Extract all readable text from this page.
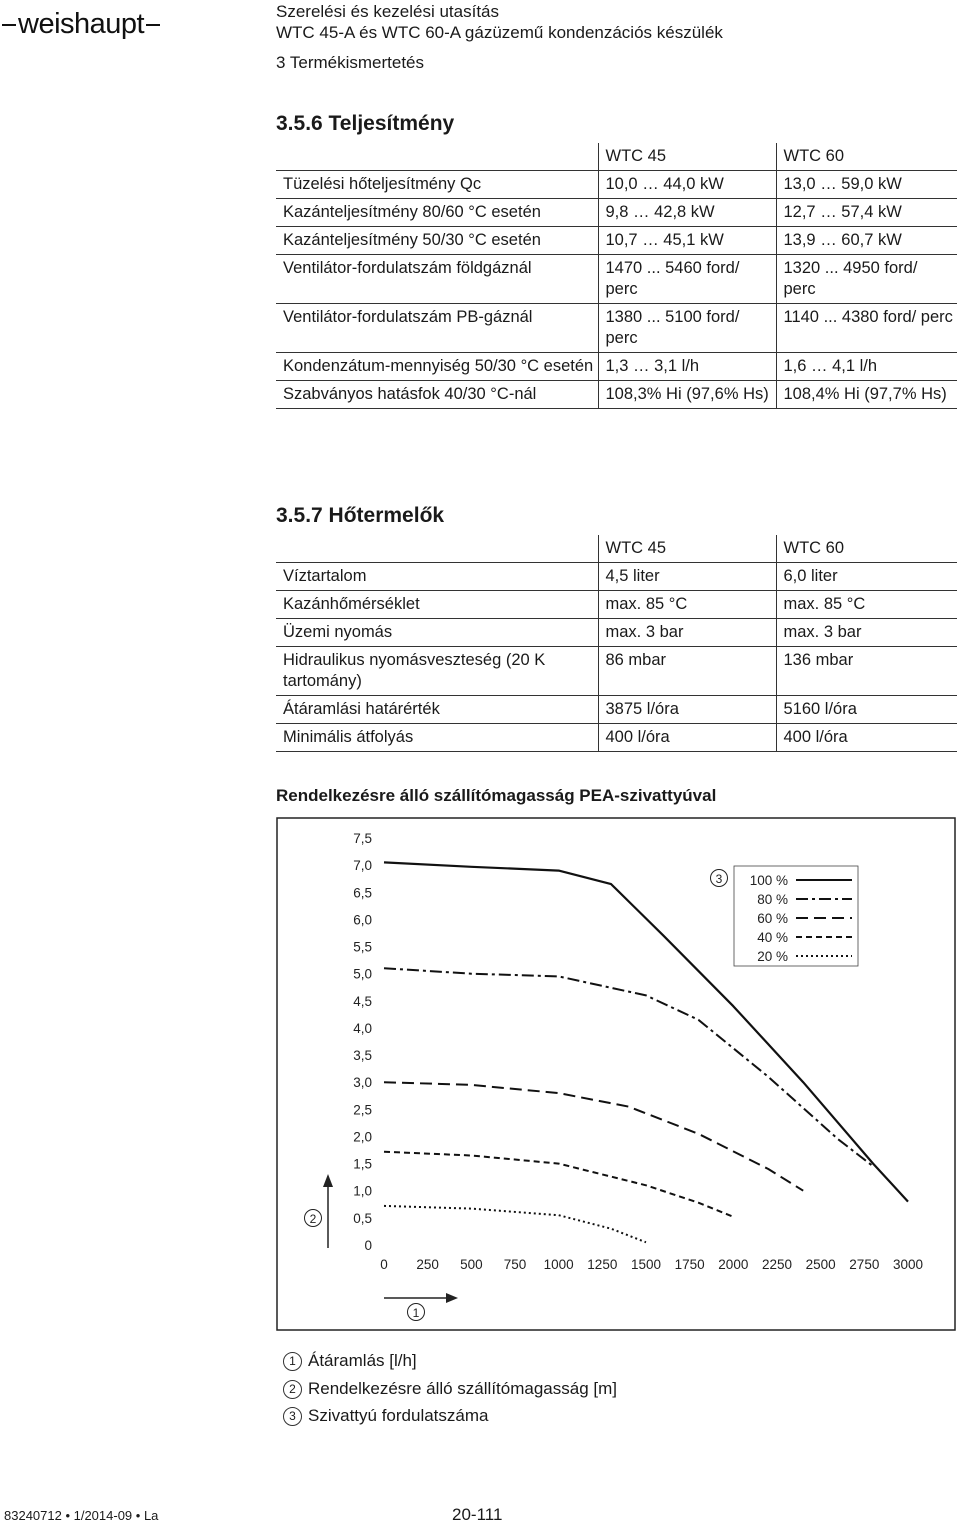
weishaupt	Szerelési és kezelési utasítás
WTC 45-A és WTC 60-A gázüzemű kondenzációs készülék
3 Termékismertetés
3.5.6 Teljesítmény
	WTC 45	WTC 60
Tüzelési hőteljesítmény Qc	10,0 … 44,0 kW	13,0 … 59,0 kW
Kazánteljesítmény 80/60 °C esetén	9,8 … 42,8 kW	12,7 … 57,4 kW
Kazánteljesítmény 50/30 °C esetén	10,7 … 45,1 kW	13,9 … 60,7 kW
Ventilátor-fordulatszám földgáznál	1470 ... 5460 ford/ perc	1320 ... 4950 ford/ perc
Ventilátor-fordulatszám PB-gáznál	1380 ... 5100 ford/ perc	1140 ... 4380 ford/ perc
Kondenzátum-mennyiség 50/30 °C esetén	1,3 … 3,1 l/h	1,6 … 4,1 l/h
Szabványos hatásfok 40/30 °C-nál	108,3% Hi (97,6% Hs)	108,4% Hi (97,7% Hs)
3.5.7 Hőtermelők
	WTC 45	WTC 60
Víztartalom	4,5 liter	6,0 liter
Kazánhőmérséklet	max. 85 °C	max. 85 °C
Üzemi nyomás	max. 3 bar	max. 3 bar
Hidraulikus nyomásveszteség (20 K tartomány)	86 mbar	136 mbar
Átáramlási határérték	3875 l/óra	5160 l/óra
Minimális átfolyás	400 l/óra	400 l/óra
Rendelkezésre álló szállítómagasság PEA-szivattyúval
7,5
7,0
6,5
6,0
5,5
5,0
4,5
4,0
3,5
3,0
2,5
2,0
1,5
1,0
0,5
0
0 250 500 750 1000 1250 1500 1750 2000 2250 2500 2750 3000
1
2
3 100 %
80 %
60 %
40 %
20 %
1 Átáramlás [l/h]
2 Rendelkezésre álló szállítómagasság [m]
3 Szivattyú fordulatszáma
83240712 • 1/2014-09 • La	20-111
